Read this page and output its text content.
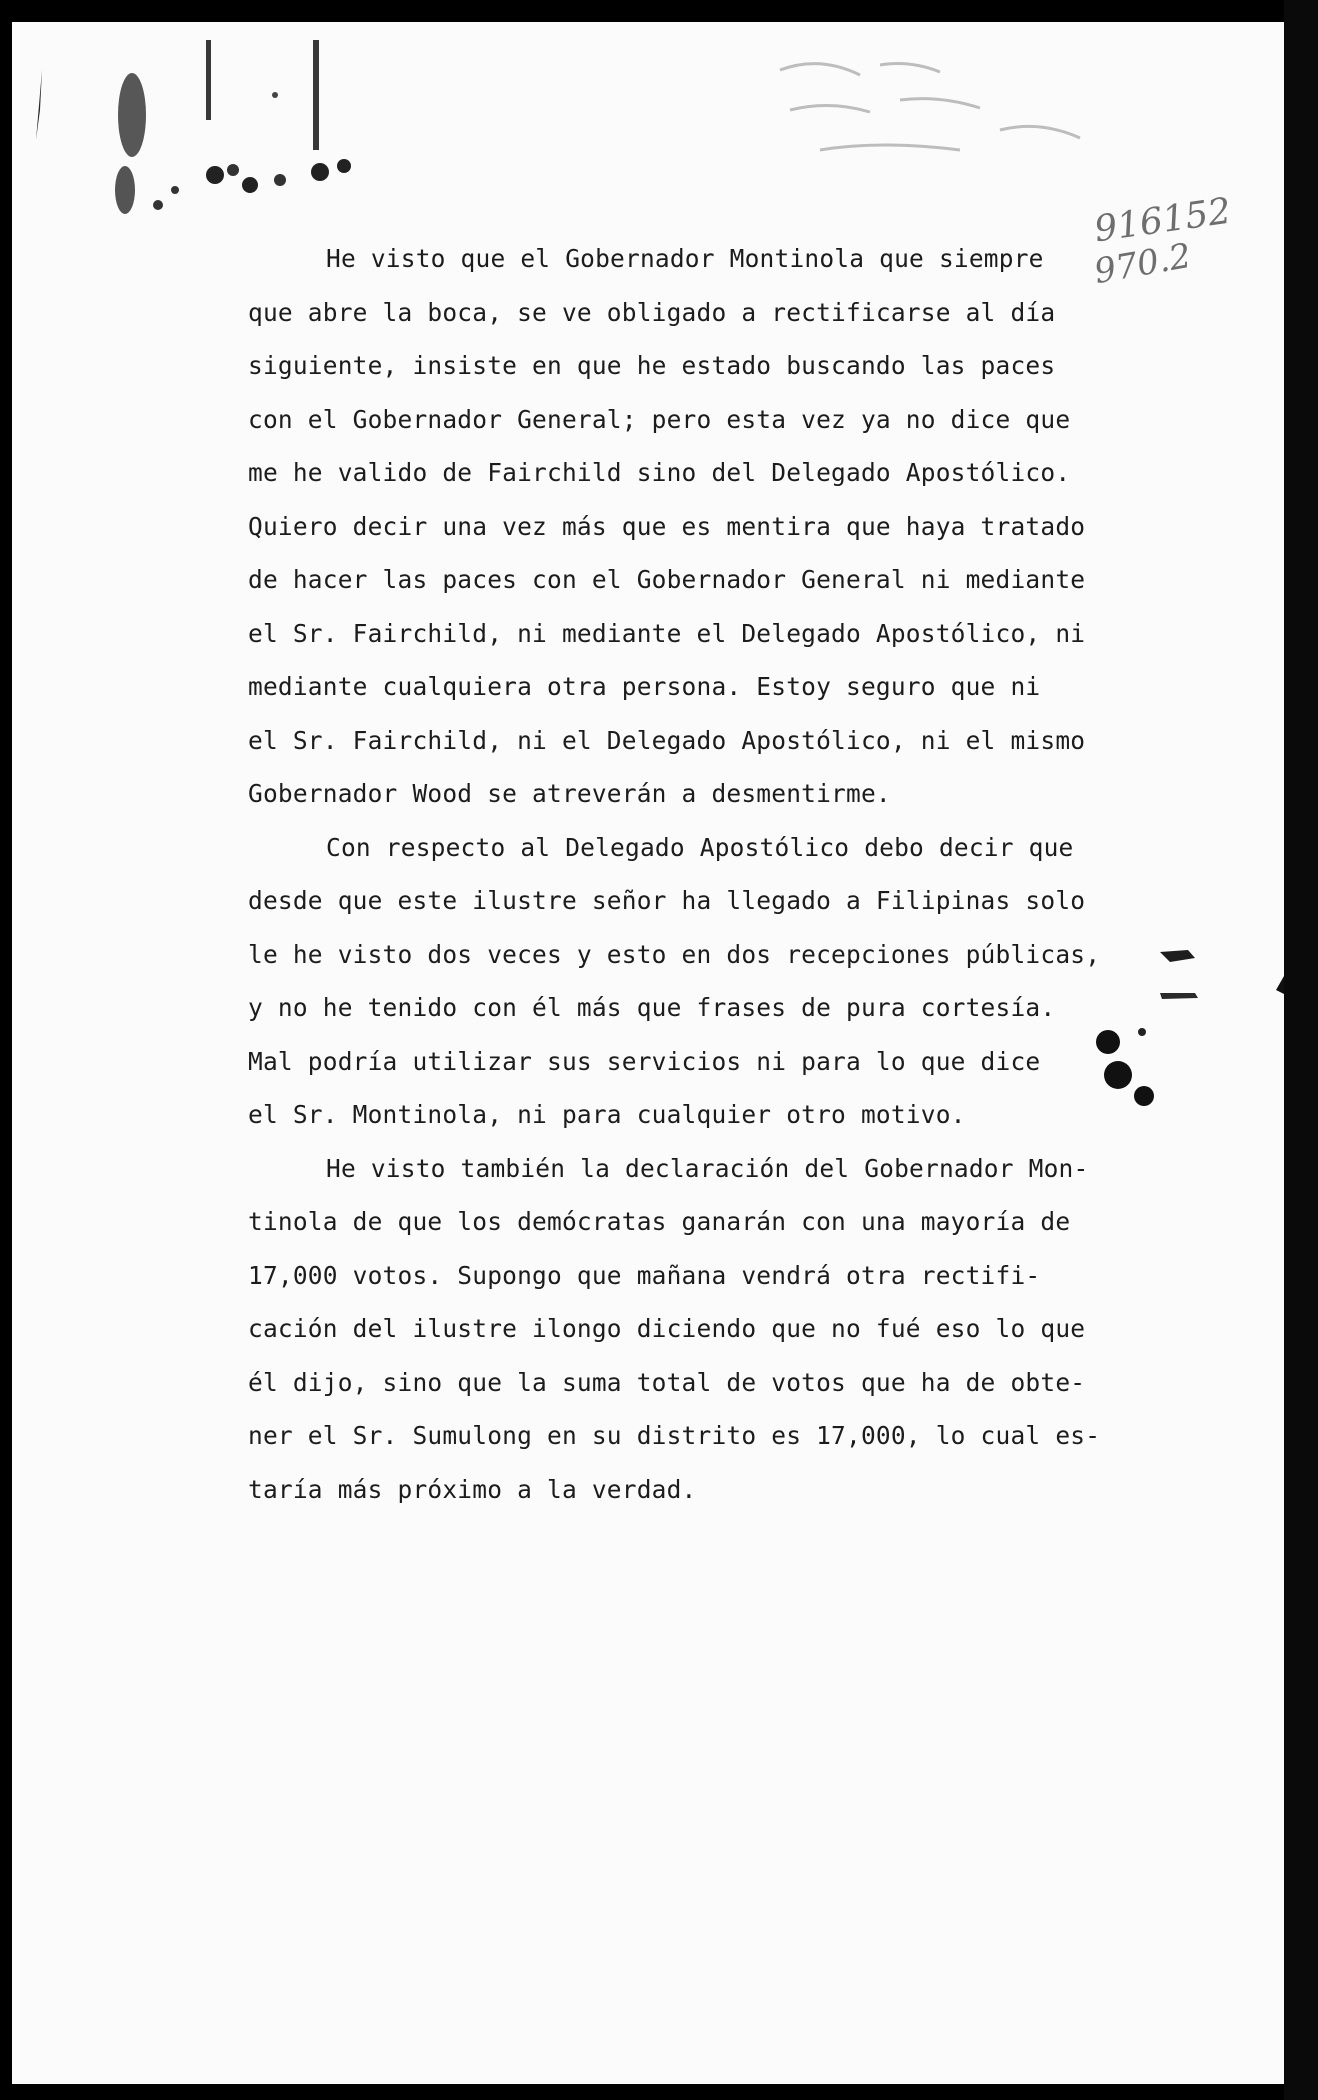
916152
970.2
He visto que el Gobernador Montinola que siempre
que abre la boca, se ve obligado a rectificarse al día
siguiente, insiste en que he estado buscando las paces
con el Gobernador General; pero esta vez ya no dice que
me he valido de Fairchild sino del Delegado Apostólico.
Quiero decir una vez más que es mentira que haya tratado
de hacer las paces con el Gobernador General ni mediante
el Sr. Fairchild, ni mediante el Delegado Apostólico, ni
mediante cualquiera otra persona. Estoy seguro que ni
el Sr. Fairchild, ni el Delegado Apostólico, ni el mismo
Gobernador Wood se atreverán a desmentirme.
Con respecto al Delegado Apostólico debo decir que
desde que este ilustre señor ha llegado a Filipinas solo
le he visto dos veces y esto en dos recepciones públicas,
y no he tenido con él más que frases de pura cortesía.
Mal podría utilizar sus servicios ni para lo que dice
el Sr. Montinola, ni para cualquier otro motivo.
He visto también la declaración del Gobernador Mon-
tinola de que los demócratas ganarán con una mayoría de
17,000 votos. Supongo que mañana vendrá otra rectifi-
cación del ilustre ilongo diciendo que no fué eso lo que
él dijo, sino que la suma total de votos que ha de obte-
ner el Sr. Sumulong en su distrito es 17,000, lo cual es-
taría más próximo a la verdad.
